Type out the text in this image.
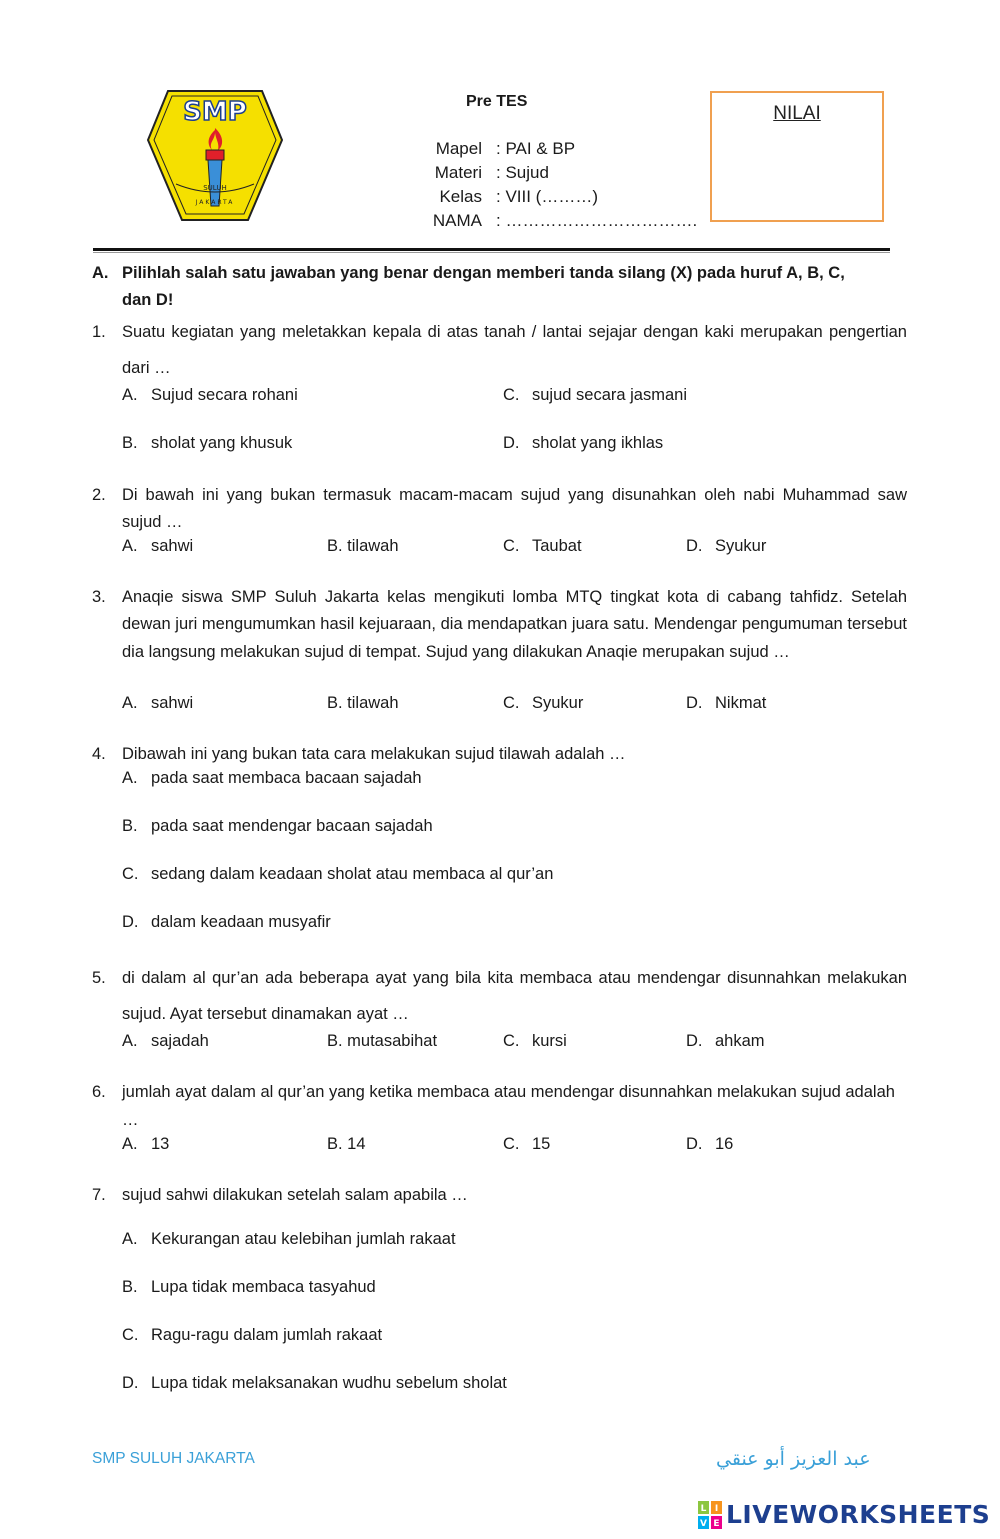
SMP
SULUH
JAKARTA
Pre TES
Mapel : PAI & BP
Materi : Sujud
Kelas : VIII (………)
NAMA : …………………………….
NILAI
A. Pilihlah salah satu jawaban yang benar dengan memberi tanda silang (X) pada huruf A, B, C,
dan D!
1. Suatu kegiatan yang meletakkan kepala di atas tanah / lantai sejajar dengan kaki merupakan pengertian dari …
A. Sujud secara rohani	C. sujud secara jasmani
B. sholat yang khusuk	D. sholat yang ikhlas
2. Di bawah ini yang bukan termasuk macam-macam sujud yang disunahkan oleh nabi Muhammad saw sujud …
A. sahwi	B. tilawah	C. Taubat	D. Syukur
3. Anaqie siswa SMP Suluh Jakarta kelas mengikuti lomba MTQ tingkat kota di cabang tahfidz. Setelah dewan juri mengumumkan hasil kejuaraan, dia mendapatkan juara satu. Mendengar pengumuman tersebut dia langsung melakukan sujud di tempat. Sujud yang dilakukan Anaqie merupakan sujud …
A. sahwi	B. tilawah	C. Syukur	D. Nikmat
4. Dibawah ini yang bukan tata cara melakukan sujud tilawah adalah …
A. pada saat membaca bacaan sajadah
B. pada saat mendengar bacaan sajadah
C. sedang dalam keadaan sholat atau membaca al qur’an
D. dalam keadaan musyafir
5. di dalam al qur’an ada beberapa ayat yang bila kita membaca atau mendengar disunnahkan melakukan sujud. Ayat tersebut dinamakan ayat …
A. sajadah	B. mutasabihat	C. kursi	D. ahkam
6. jumlah ayat dalam al qur’an yang ketika membaca atau mendengar disunnahkan melakukan sujud adalah …
A. 13	B. 14	C. 15	D. 16
7. sujud sahwi dilakukan setelah salam apabila …
A. Kekurangan atau kelebihan jumlah rakaat
B. Lupa tidak membaca tasyahud
C. Ragu-ragu dalam jumlah rakaat
D. Lupa tidak melaksanakan wudhu sebelum sholat
SMP SULUH JAKARTA	عبد العزيز أبو عنقي
L I
V E LIVEWORKSHEETS
